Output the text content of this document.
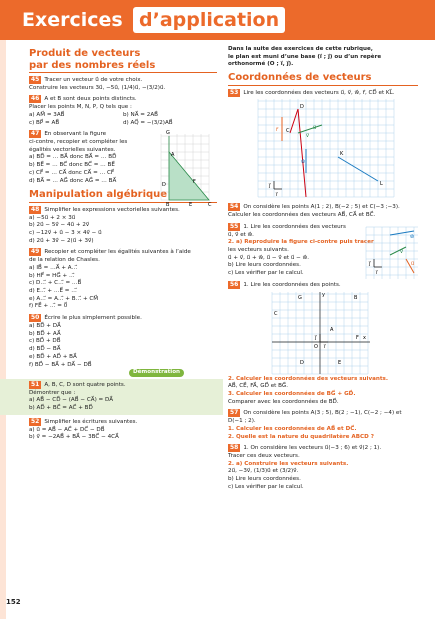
Exercices d’application
Produit de vecteurs
par des nombres réels
45 Tracer un vecteur u⃗ de votre choix.
Construire les vecteurs 3u⃗, −5u⃗, (1/4)u⃗, −(3/2)u⃗.
46 A et B sont deux points distincts.
Placer les points M, N, P, Q tels que :
a) AM⃗ = 3AB⃗	b) NA⃗ = 2AB⃗
c) BP⃗ = AB⃗	d) AQ⃗ = −(3/2)AB⃗
47 En observant la figure
ci-contre, recopier et compléter les
égalités vectorielles suivantes.
a) BD⃗ = … BA⃗ donc BA⃗ = … BD⃗
b) BE⃗ = … BC⃗ donc BC⃗ = … BE⃗
c) CF⃗ = … CA⃗ donc CA⃗ = … CF⃗
d) BA⃗ = … AG⃗ donc AG⃗ = … BA⃗
G
A
D	F
B	E	C
Manipulation algébrique
48 Simplifier les expressions vectorielles suivantes.
a) −5u⃗ + 2 × 3u⃗
b) 2u⃗ − 5v⃗ − 4u⃗ + 2v⃗
c) −12v⃗ + u⃗ − 3 × 4v⃗ − u⃗
d) 2u⃗ + 3v⃗ − 2(u⃗ + 3v⃗)
49 Recopier et compléter les égalités suivantes à l’aide
de la relation de Chasles.
a) IB⃗ = …A⃗ + A…⃗
b) HF⃗ = HG⃗ + …⃗
c) D…⃗ + C…⃗ = …B⃗
d) E…⃗ + …E⃗ = …⃗
e) A…⃗ = A…⃗ + B…⃗ + CM⃗
f) FE⃗ + …⃗ = 0⃗
50 Écrire le plus simplement possible.
a) BD⃗ + DA⃗
b) BD⃗ + AA⃗
c) BD⃗ + DB⃗
d) BD⃗ − BA⃗
e) BD⃗ + AD⃗ + BA⃗
f) BD⃗ − BA⃗ + DA⃗ − DB⃗
Démonstration
51 A, B, C, D sont quatre points.
Démontrer que :
a) AB⃗ − CD⃗ − (AB⃗ − CA⃗) = DA⃗
b) AD⃗ + BC⃗ = AC⃗ + BD⃗
52 Simplifier les écritures suivantes.
a) u⃗ = AB⃗ − AC⃗ + DC⃗ − DB⃗
b) v⃗ = −2AB⃗ + BA⃗ − 3BC⃗ − 4CA⃗
Dans la suite des exercices de cette rubrique,
le plan est muni d’une base (i⃗ ; j⃗) ou d’un repère
orthonormé (O ; i⃗, j⃗).
Coordonnées de vecteurs
53 Lire les coordonnées des vecteurs u⃗, v⃗, w⃗, r⃗, CD⃗ et KL⃗.
D
C
r⃗
v⃗
u⃗
w⃗
K
L
j⃗
i⃗
54 On considère les points A(1 ; 2), B(−2 ; 5) et C(−3 ;−3).
Calculer les coordonnées des vecteurs AB⃗, CA⃗ et BC⃗.
55 1. Lire les coordonnées des vecteurs
u⃗, v⃗ et w⃗.
2. a) Reproduire la figure ci-contre puis tracer
les vecteurs suivants.
u⃗ + v⃗, u⃗ + w⃗, u⃗ − v⃗ et u⃗ − w⃗.
b) Lire leurs coordonnées.
c) Les vérifier par le calcul.
w⃗
v⃗
u⃗
j⃗
i⃗
56 1. Lire les coordonnées des points.
G	y	B
C
A
F x
j⃗
O i⃗
D	E
2. Calculer les coordonnées des vecteurs suivants.
AB⃗, CE⃗, FA⃗, GD⃗ et BG⃗.
3. Calculer les coordonnées de BG⃗ + GD⃗.
Comparer avec les coordonnées de BD⃗.
57 On considère les points A(3 ; 5), B(2 ; −1), C(−2 ; −4) et
D(−1 ; 2).
1. Calculer les coordonnées de AB⃗ et DC⃗.
2. Quelle est la nature du quadrilatère ABCD ?
58 1. On considère les vecteurs u⃗(−3 ; 6) et v⃗(2 ; 1).
Tracer ces deux vecteurs.
2. a) Construire les vecteurs suivants.
2u⃗, −3v⃗, (1/3)u⃗ et (3/2)v⃗.
b) Lire leurs coordonnées.
c) Les vérifier par le calcul.
152
